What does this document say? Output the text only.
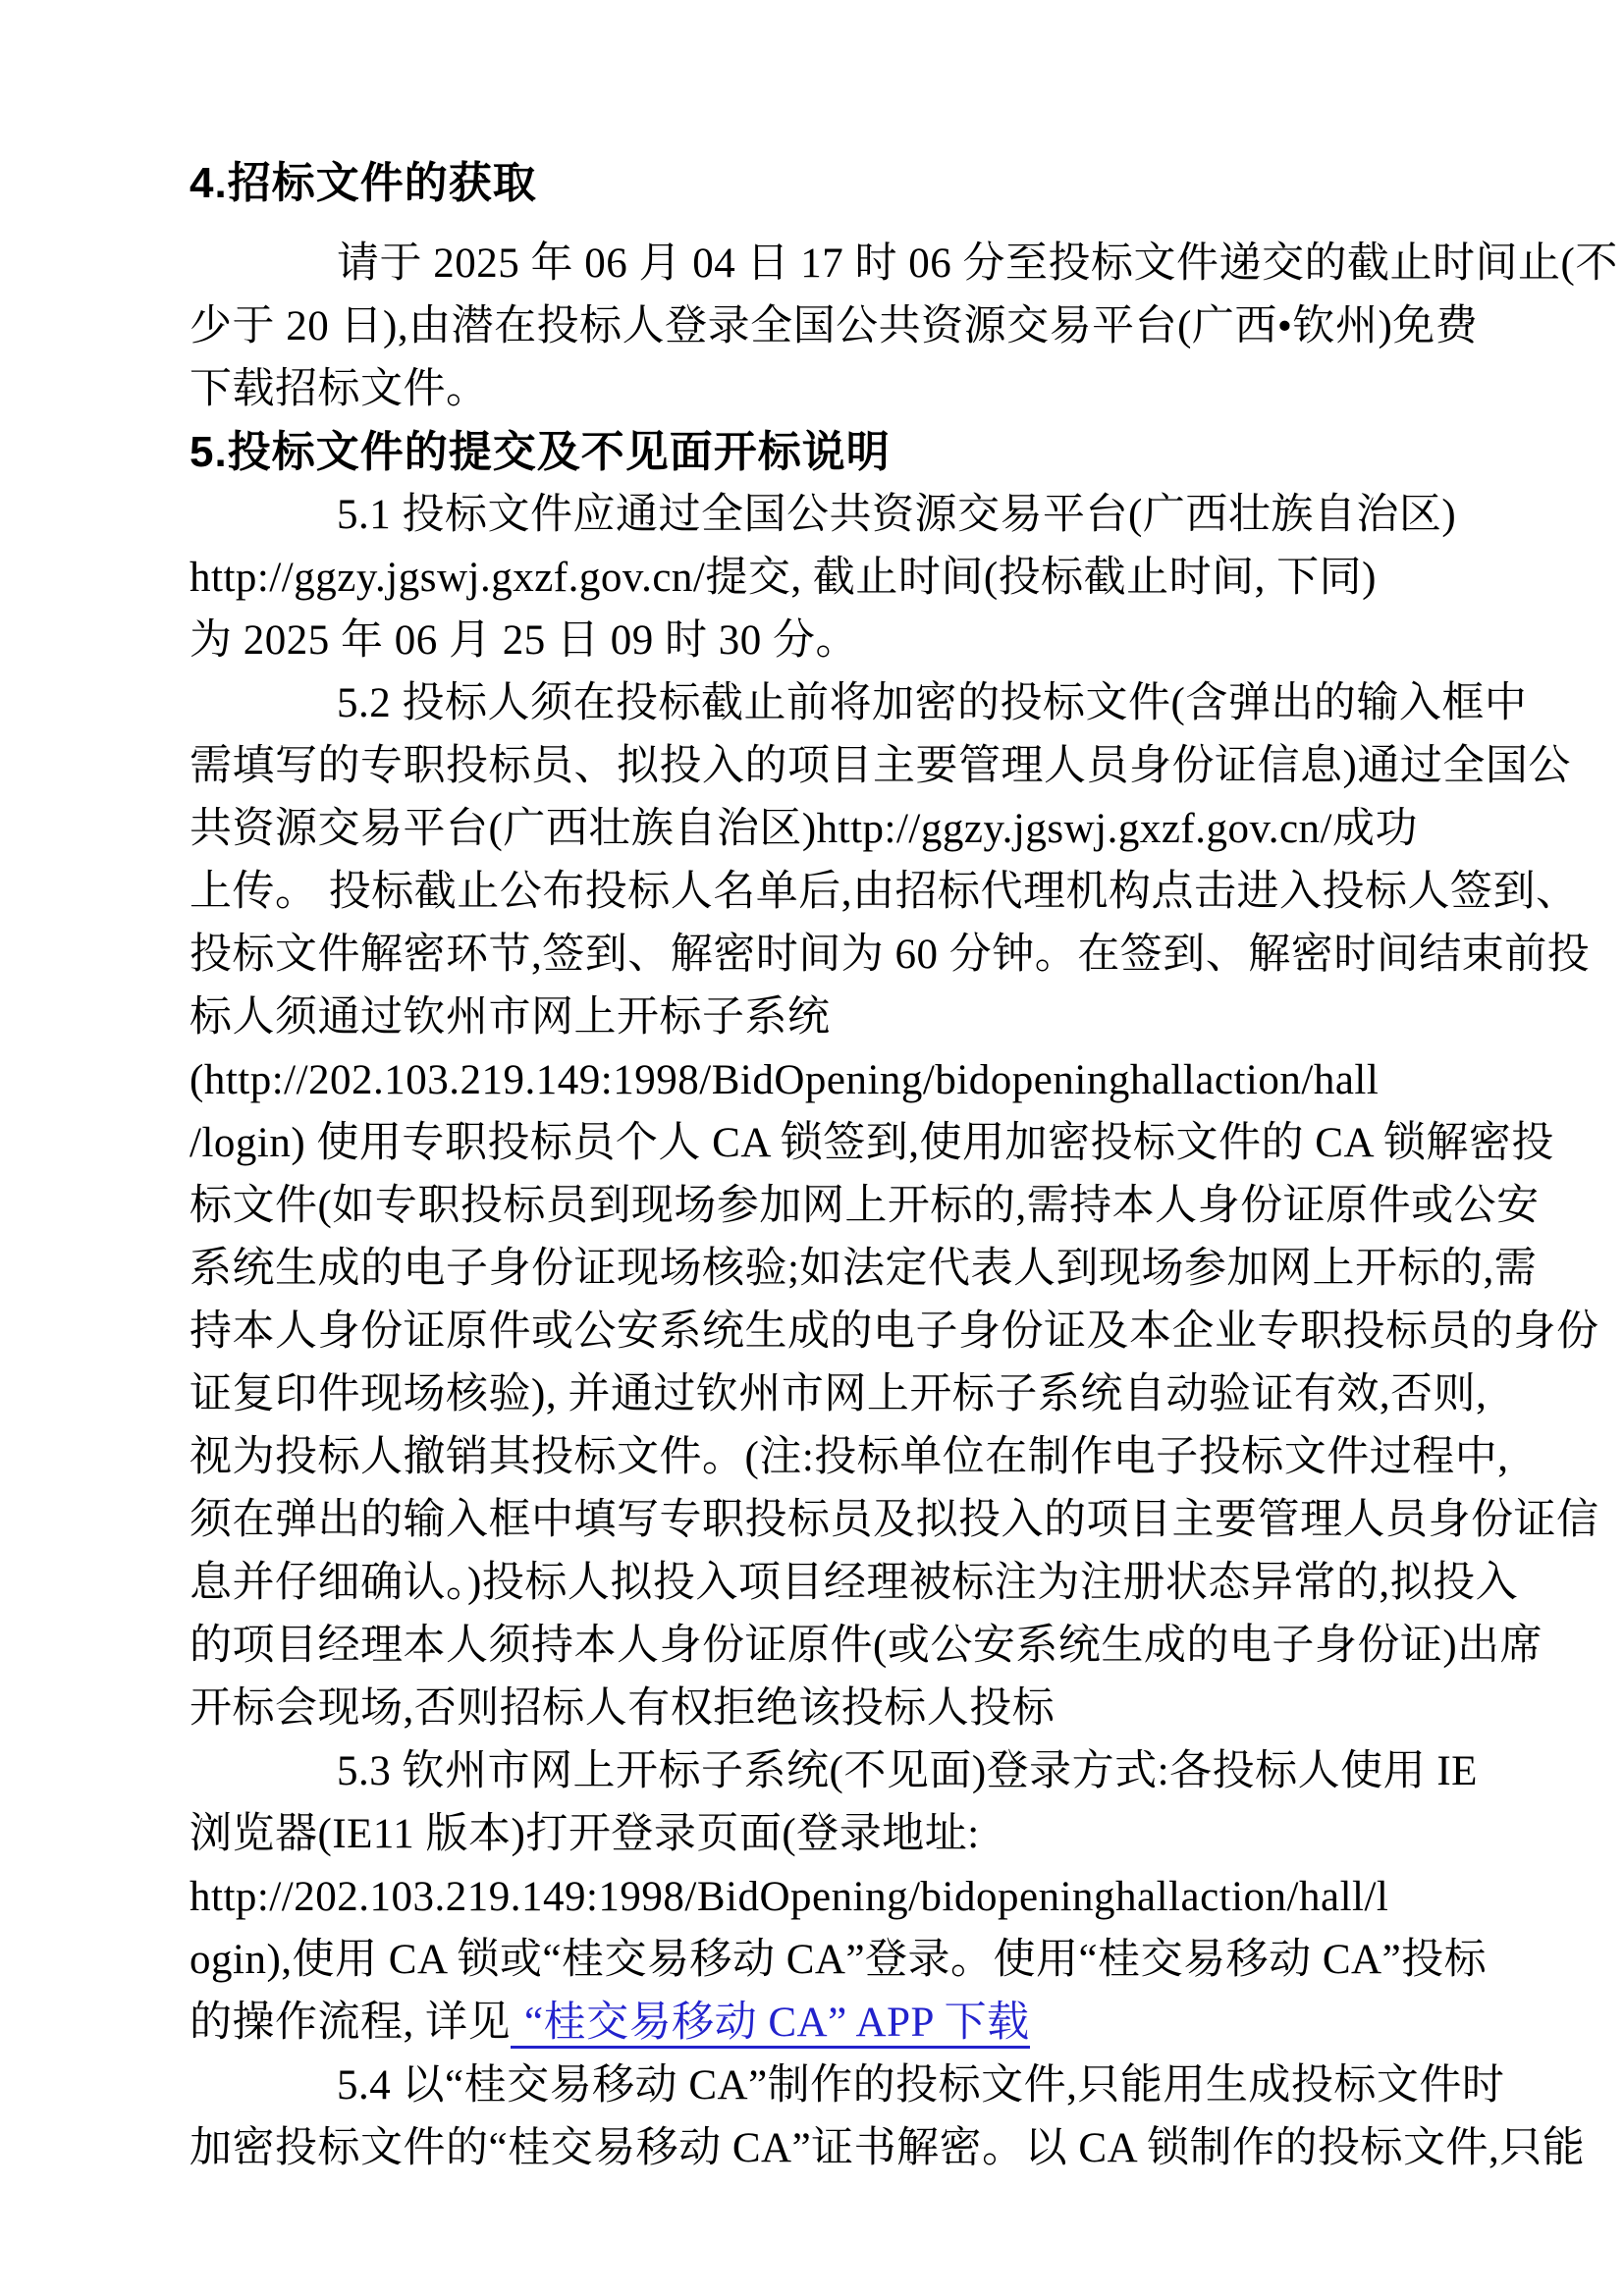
4.招标文件的获取
请于 2025 年 06 月 04 日 17 时 06 分至投标文件递交的截止时间止(不
少于 20 日),由潜在投标人登录全国公共资源交易平台(广西•钦州)免费
下载招标文件。
5.投标文件的提交及不见面开标说明
5.1 投标文件应通过全国公共资源交易平台(广西壮族自治区)
http://ggzy.jgswj.gxzf.gov.cn/提交, 截止时间(投标截止时间, 下同)
为 2025 年 06 月 25 日 09 时 30 分。
5.2 投标人须在投标截止前将加密的投标文件(含弹出的输入框中
需填写的专职投标员、拟投入的项目主要管理人员身份证信息)通过全国公
共资源交易平台(广西壮族自治区)http://ggzy.jgswj.gxzf.gov.cn/成功
上传。 投标截止公布投标人名单后,由招标代理机构点击进入投标人签到、
投标文件解密环节,签到、解密时间为 60 分钟。在签到、解密时间结束前投
标人须通过钦州市网上开标子系统
(http://202.103.219.149:1998/BidOpening/bidopeninghallaction/hall
/login) 使用专职投标员个人 CA 锁签到,使用加密投标文件的 CA 锁解密投
标文件(如专职投标员到现场参加网上开标的,需持本人身份证原件或公安
系统生成的电子身份证现场核验;如法定代表人到现场参加网上开标的,需
持本人身份证原件或公安系统生成的电子身份证及本企业专职投标员的身份
证复印件现场核验), 并通过钦州市网上开标子系统自动验证有效,否则,
视为投标人撤销其投标文件。(注:投标单位在制作电子投标文件过程中,
须在弹出的输入框中填写专职投标员及拟投入的项目主要管理人员身份证信
息并仔细确认。)投标人拟投入项目经理被标注为注册状态异常的,拟投入
的项目经理本人须持本人身份证原件(或公安系统生成的电子身份证)出席
开标会现场,否则招标人有权拒绝该投标人投标
5.3 钦州市网上开标子系统(不见面)登录方式:各投标人使用 IE
浏览器(IE11 版本)打开登录页面(登录地址:
http://202.103.219.149:1998/BidOpening/bidopeninghallaction/hall/l
ogin),使用 CA 锁或“桂交易移动 CA”登录。使用“桂交易移动 CA”投标
的操作流程, 详见 “桂交易移动 CA” APP 下载
5.4 以“桂交易移动 CA”制作的投标文件,只能用生成投标文件时
加密投标文件的“桂交易移动 CA”证书解密。以 CA 锁制作的投标文件,只能
